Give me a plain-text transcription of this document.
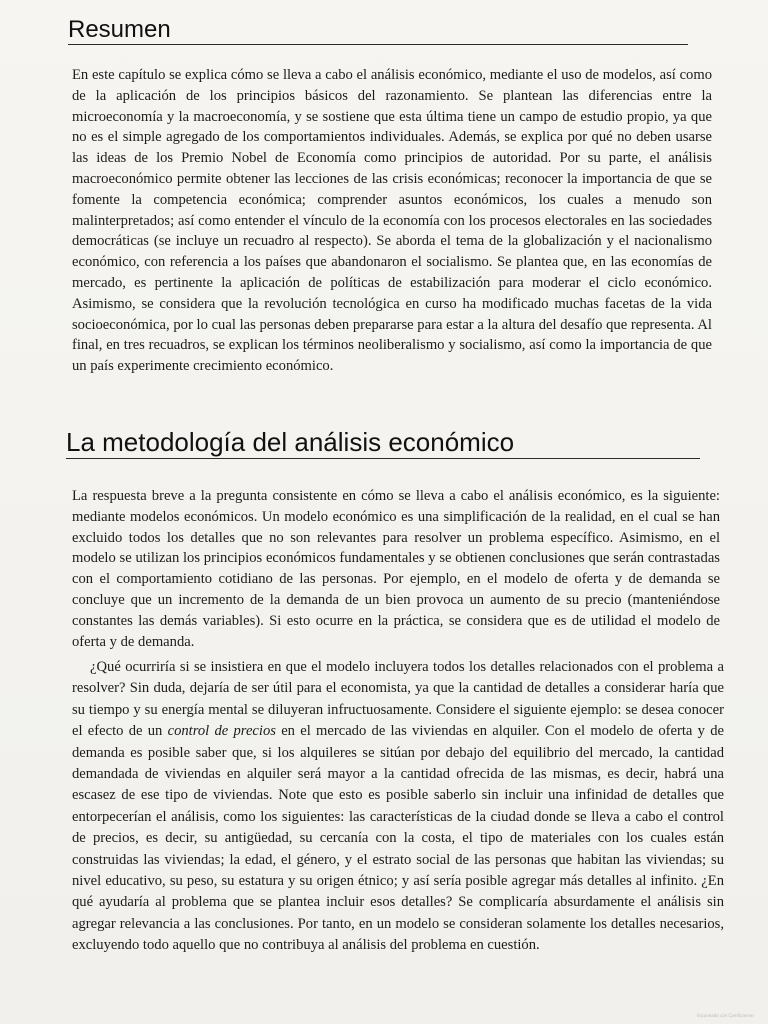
Resumen

En este capítulo se explica cómo se lleva a cabo el análisis económico, mediante el uso de modelos, así como de la aplicación de los principios básicos del razonamiento. Se plantean las diferencias entre la microeconomía y la macroeconomía, y se sostiene que esta última tiene un campo de estudio propio, ya que no es el simple agregado de los comportamientos individuales. Además, se explica por qué no deben usarse las ideas de los Premio Nobel de Economía como principios de autoridad. Por su parte, el análisis macroeconómico permite obtener las lecciones de las crisis económicas; reconocer la importancia de que se fomente la competencia económica; comprender asuntos económicos, los cuales a menudo son malinterpretados; así como entender el vínculo de la economía con los procesos electorales en las sociedades democráticas (se incluye un recuadro al respecto). Se aborda el tema de la globalización y el nacionalismo económico, con referencia a los países que abandonaron el socialismo. Se plantea que, en las economías de mercado, es pertinente la aplicación de políticas de estabilización para moderar el ciclo económico. Asimismo, se considera que la revolución tecnológica en curso ha modificado muchas facetas de la vida socioeconómica, por lo cual las personas deben prepararse para estar a la altura del desafío que representa. Al final, en tres recuadros, se explican los términos neoliberalismo y socialismo, así como la importancia de que un país experimente crecimiento económico.

La metodología del análisis económico

La respuesta breve a la pregunta consistente en cómo se lleva a cabo el análisis económico, es la siguiente: mediante modelos económicos. Un modelo económico es una simplificación de la realidad, en el cual se han excluido todos los detalles que no son relevantes para resolver un problema específico. Asimismo, en el modelo se utilizan los principios económicos fundamentales y se obtienen conclusiones que serán contrastadas con el comportamiento cotidiano de las personas. Por ejemplo, en el modelo de oferta y de demanda se concluye que un incremento de la demanda de un bien provoca un aumento de su precio (manteniéndose constantes las demás variables). Si esto ocurre en la práctica, se considera que es de utilidad el modelo de oferta y de demanda.

¿Qué ocurriría si se insistiera en que el modelo incluyera todos los detalles relacionados con el problema a resolver? Sin duda, dejaría de ser útil para el economista, ya que la cantidad de detalles a considerar haría que su tiempo y su energía mental se diluyeran infructuosamente. Considere el siguiente ejemplo: se desea conocer el efecto de un control de precios en el mercado de las viviendas en alquiler. Con el modelo de oferta y de demanda es posible saber que, si los alquileres se sitúan por debajo del equilibrio del mercado, la cantidad demandada de viviendas en alquiler será mayor a la cantidad ofrecida de las mismas, es decir, habrá una escasez de ese tipo de viviendas. Note que esto es posible saberlo sin incluir una infinidad de detalles que entorpecerían el análisis, como los siguientes: las características de la ciudad donde se lleva a cabo el control de precios, es decir, su antigüedad, su cercanía con la costa, el tipo de materiales con los cuales están construidas las viviendas; la edad, el género, y el estrato social de las personas que habitan las viviendas; su nivel educativo, su peso, su estatura y su origen étnico; y así sería posible agregar más detalles al infinito. ¿En qué ayudaría al problema que se plantea incluir esos detalles? Se complicaría absurdamente el análisis sin agregar relevancia a las conclusiones. Por tanto, en un modelo se consideran solamente los detalles necesarios, excluyendo todo aquello que no contribuya al análisis del problema en cuestión.

Escaneado con CamScanner
